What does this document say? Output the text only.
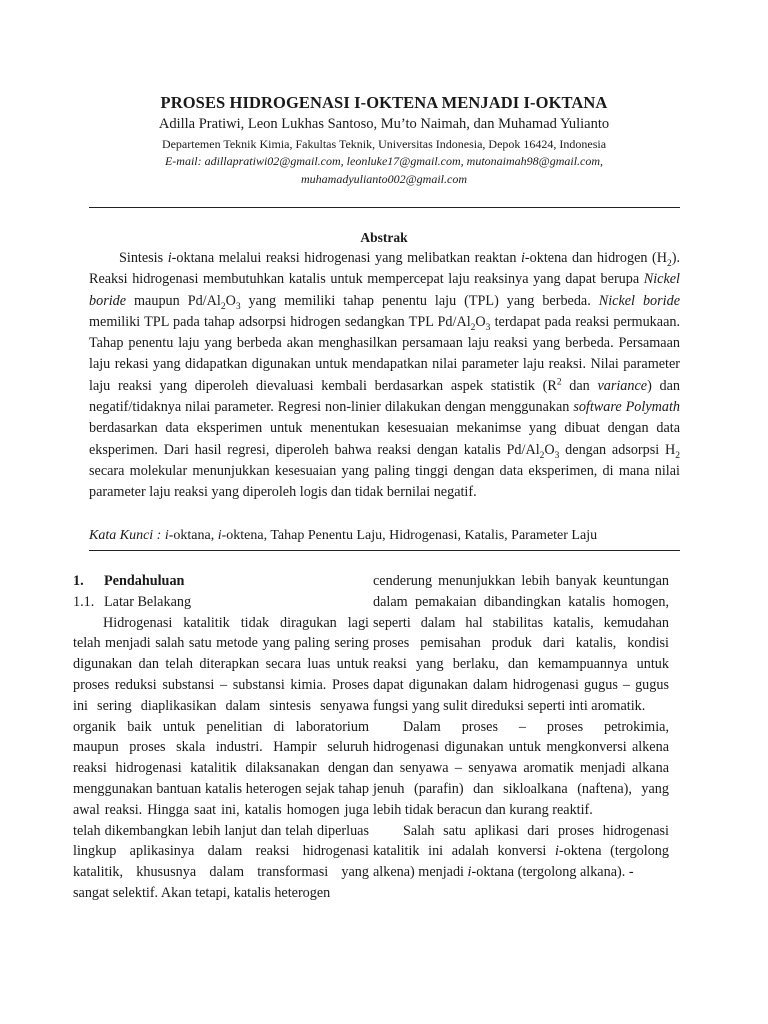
PROSES HIDROGENASI I-OKTENA MENJADI I-OKTANA
Adilla Pratiwi, Leon Lukhas Santoso, Mu’to Naimah, dan Muhamad Yulianto
Departemen Teknik Kimia, Fakultas Teknik, Universitas Indonesia, Depok 16424, Indonesia
E-mail: adillapratiwi02@gmail.com, leonluke17@gmail.com, mutonaimah98@gmail.com,
muhamadyulianto002@gmail.com
Abstrak

Sintesis i-oktana melalui reaksi hidrogenasi yang melibatkan reaktan i-oktena dan hidrogen $(H_2)$. Reaksi hidrogenasi membutuhkan katalis untuk mempercepat laju reaksinya yang dapat berupa Nickel boride maupun $Pd/Al_2O_3$ yang memiliki tahap penentu laju (TPL) yang berbeda. Nickel boride memiliki TPL pada tahap adsorpsi hidrogen sedangkan TPL $Pd/Al_2O_3$ terdapat pada reaksi permukaan. Tahap penentu laju yang berbeda akan menghasilkan persamaan laju reaksi yang berbeda. Persamaan laju rekasi yang didapatkan digunakan untuk mendapatkan nilai parameter laju reaksi. Nilai parameter laju reaksi yang diperoleh dievaluasi kembali berdasarkan aspek statistik ($R^2$ dan variance) dan negatif/tidaknya nilai parameter. Regresi non-linier dilakukan dengan menggunakan software Polymath berdasarkan data eksperimen untuk menentukan kesesuaian mekanimse yang dibuat dengan data eksperimen. Dari hasil regresi, diperoleh bahwa reaksi dengan katalis $Pd/Al_2O_3$ dengan adsorpsi $H_2$ secara molekular menunjukkan kesesuaian yang paling tinggi dengan data eksperimen, di mana nilai parameter laju reaksi yang diperoleh logis dan tidak bernilai negatif.

Kata Kunci : i-oktana, i-oktena, Tahap Penentu Laju, Hidrogenasi, Katalis, Parameter Laju

1. Pendahuluan

1.1. Latar Belakang

Hidrogenasi katalitik tidak diragukan lagi telah menjadi salah satu metode yang paling sering digunakan dan telah diterapkan secara luas untuk proses reduksi substansi – substansi kimia. Proses ini sering diaplikasikan dalam sintesis senyawa organik baik untuk penelitian di laboratorium maupun proses skala industri. Hampir seluruh reaksi hidrogenasi katalitik dilaksanakan dengan menggunakan bantuan katalis heterogen sejak tahap awal reaksi. Hingga saat ini, katalis homogen juga telah dikembangkan lebih lanjut dan telah diperluas lingkup aplikasinya dalam reaksi hidrogenasi katalitik, khususnya dalam transformasi yang sangat selektif. Akan tetapi, katalis heterogen

cenderung menunjukkan lebih banyak keuntungan dalam pemakaian dibandingkan katalis homogen, seperti dalam hal stabilitas katalis, kemudahan proses pemisahan produk dari katalis, kondisi reaksi yang berlaku, dan kemampuannya untuk dapat digunakan dalam hidrogenasi gugus – gugus fungsi yang sulit direduksi seperti inti aromatik.

Dalam proses – proses petrokimia, hidrogenasi digunakan untuk mengkonversi alkena dan senyawa – senyawa aromatik menjadi alkana jenuh (parafin) dan sikloalkana (naftena), yang lebih tidak beracun dan kurang reaktif.

Salah satu aplikasi dari proses hidrogenasi katalitik ini adalah konversi i-oktena (tergolong alkena) menjadi i-oktana (tergolong alkana). -
